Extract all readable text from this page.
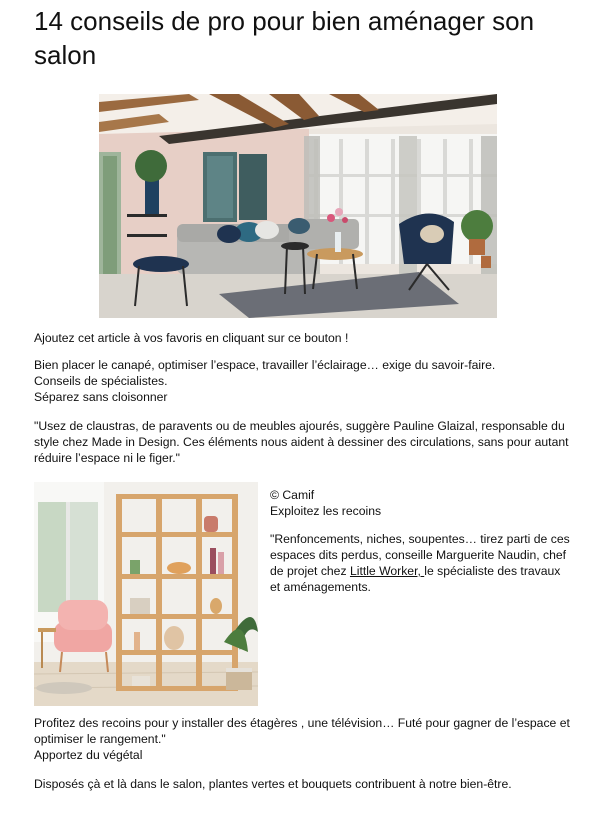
14 conseils de pro pour bien aménager son salon

Ajoutez cet article à vos favoris en cliquant sur ce bouton !

Bien placer le canapé, optimiser l’espace, travailler l’éclairage… exige du savoir-faire.

Conseils de spécialistes.

Séparez sans cloisonner

"Usez de claustras, de paravents ou de meubles ajourés, suggère Pauline Glaizal, responsable du style chez Made in Design. Ces éléments nous aident à dessiner des circulations, sans pour autant réduire l’espace ni le figer."

© Camif

Exploitez les recoins

"Renfoncements, niches, soupentes… tirez parti de ces espaces dits perdus, conseille Marguerite Naudin, chef de projet chez Little Worker, le spécialiste des travaux et aménagements.

Profitez des recoins pour y installer des étagères , une télévision… Futé pour gagner de l’espace et optimiser le rangement."

Apportez du végétal

Disposés çà et là dans le salon, plantes vertes et bouquets contribuent à notre bien-être.
